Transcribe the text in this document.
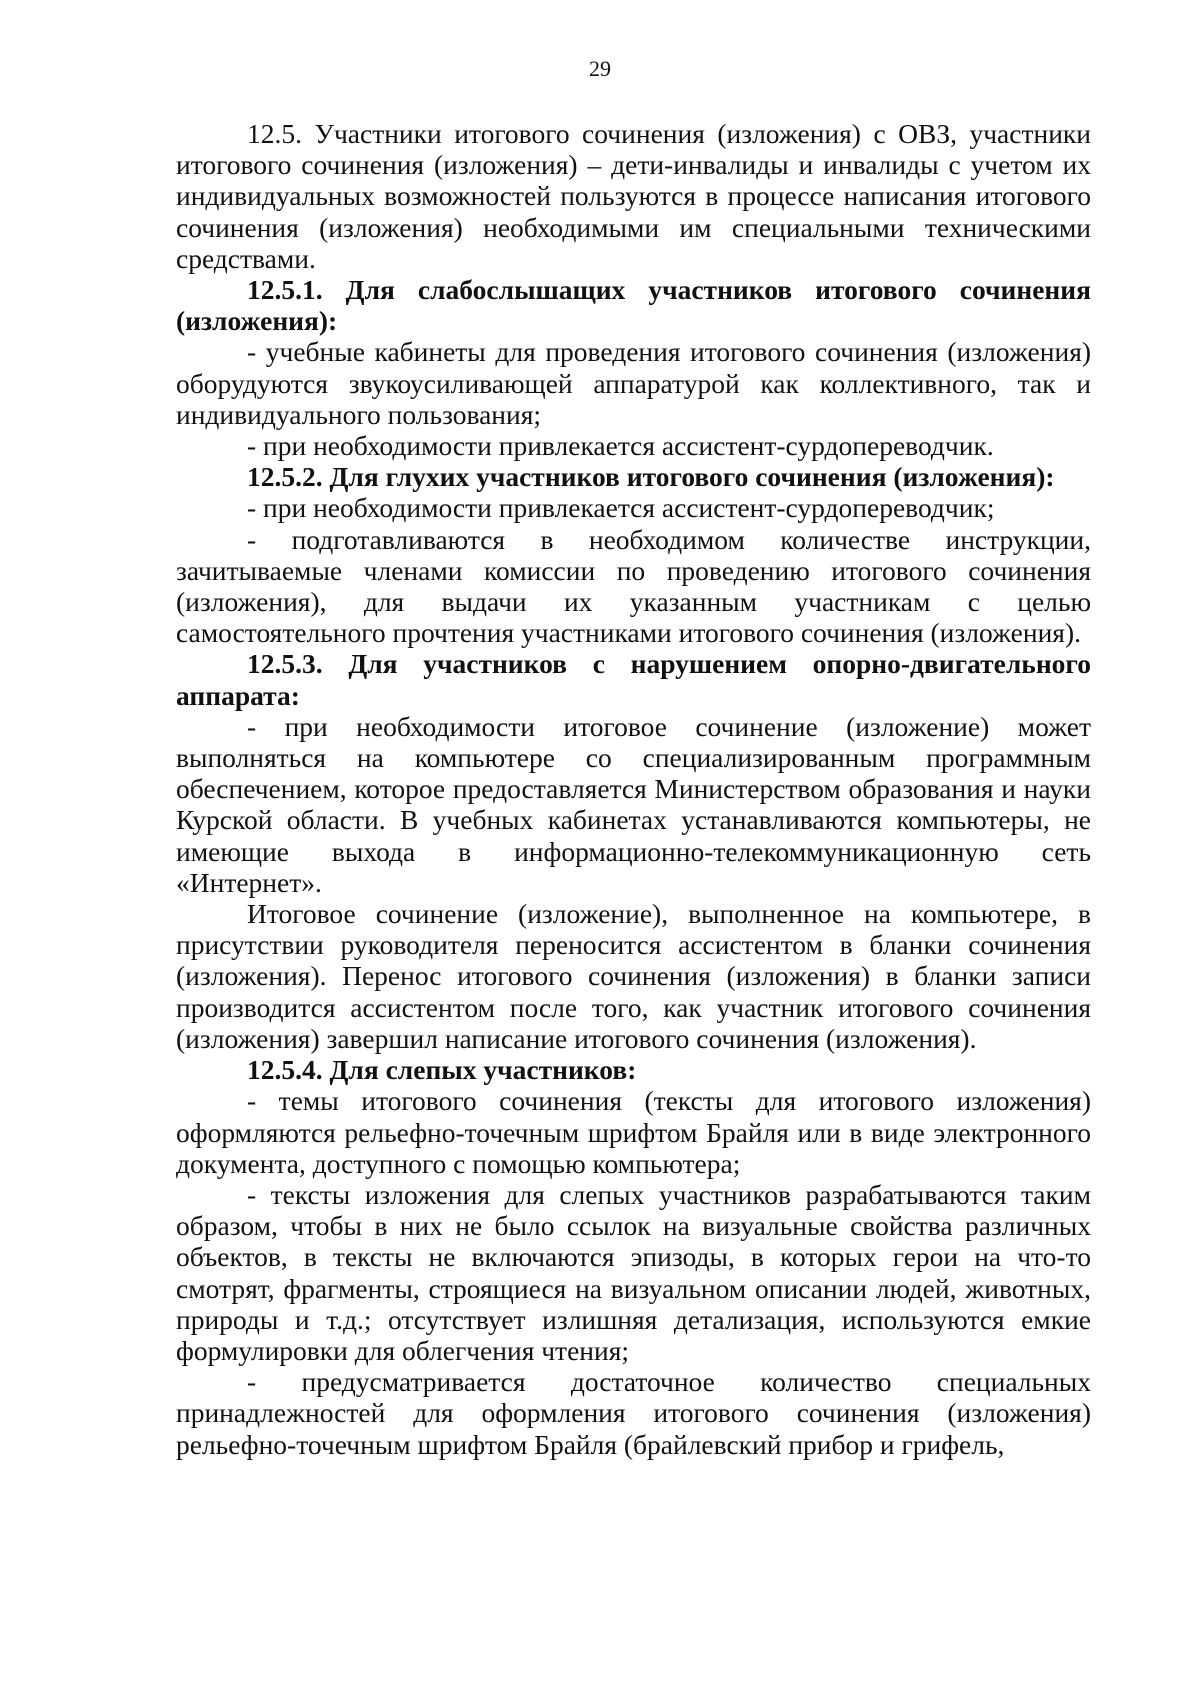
29

12.5. Участники итогового сочинения (изложения) с ОВЗ, участники итогового сочинения (изложения) – дети-инвалиды и инвалиды с учетом их индивидуальных возможностей пользуются в процессе написания итогового сочинения (изложения) необходимыми им специальными техническими средствами.

12.5.1. Для слабослышащих участников итогового сочинения (изложения):

- учебные кабинеты для проведения итогового сочинения (изложения) оборудуются звукоусиливающей аппаратурой как коллективного, так и индивидуального пользования;

- при необходимости привлекается ассистент-сурдопереводчик.

12.5.2. Для глухих участников итогового сочинения (изложения):

- при необходимости привлекается ассистент-сурдопереводчик;

- подготавливаются в необходимом количестве инструкции, зачитываемые членами комиссии по проведению итогового сочинения (изложения), для выдачи их указанным участникам с целью самостоятельного прочтения участниками итогового сочинения (изложения).

12.5.3. Для участников с нарушением опорно-двигательного аппарата:

- при необходимости итоговое сочинение (изложение) может выполняться на компьютере со специализированным программным обеспечением, которое предоставляется Министерством образования и науки Курской области. В учебных кабинетах устанавливаются компьютеры, не имеющие выхода в информационно-телекоммуникационную сеть «Интернет».

Итоговое сочинение (изложение), выполненное на компьютере, в присутствии руководителя переносится ассистентом в бланки сочинения (изложения). Перенос итогового сочинения (изложения) в бланки записи производится ассистентом после того, как участник итогового сочинения (изложения) завершил написание итогового сочинения (изложения).

12.5.4. Для слепых участников:

- темы итогового сочинения (тексты для итогового изложения) оформляются рельефно-точечным шрифтом Брайля или в виде электронного документа, доступного с помощью компьютера;

- тексты изложения для слепых участников разрабатываются таким образом, чтобы в них не было ссылок на визуальные свойства различных объектов, в тексты не включаются эпизоды, в которых герои на что-то смотрят, фрагменты, строящиеся на визуальном описании людей, животных, природы и т.д.; отсутствует излишняя детализация, используются емкие формулировки для облегчения чтения;

- предусматривается достаточное количество специальных принадлежностей для оформления итогового сочинения (изложения) рельефно-точечным шрифтом Брайля (брайлевский прибор и грифель,
